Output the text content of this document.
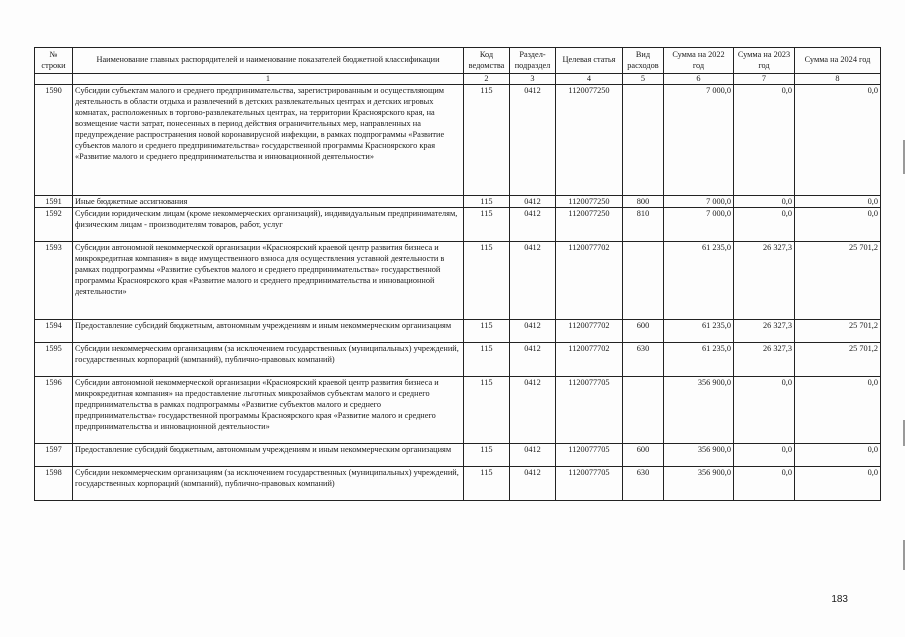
№ строки	Наименование главных распорядителей и наименование показателей бюджетной классификации	Код ведомства	Раздел-подраздел	Целевая статья	Вид расходов	Сумма на 2022 год	Сумма на 2023 год	Сумма на 2024 год
	1	2	3	4	5	6	7	8
1590	Субсидии субъектам малого и среднего предпринимательства, зарегистрированным и осуществляющим деятельность в области отдыха и развлечений в детских развлекательных центрах и детских игровых комнатах, расположенных в торгово-развлекательных центрах, на территории Красноярского края, на возмещение части затрат, понесенных в период действия ограничительных мер, направленных на предупреждение распространения новой коронавирусной инфекции, в рамках подпрограммы «Развитие субъектов малого и среднего предпринимательства» государственной программы Красноярского края «Развитие малого и среднего предпринимательства и инновационной деятельности»	115	0412	1120077250		7 000,0	0,0	0,0
1591	Иные бюджетные ассигнования	115	0412	1120077250	800	7 000,0	0,0	0,0
1592	Субсидии юридическим лицам (кроме некоммерческих организаций), индивидуальным предпринимателям, физическим лицам - производителям товаров, работ, услуг	115	0412	1120077250	810	7 000,0	0,0	0,0
1593	Субсидии автономной некоммерческой организации «Красноярский краевой центр развития бизнеса и микрокредитная компания» в виде имущественного взноса для осуществления уставной деятельности в рамках подпрограммы «Развитие субъектов малого и среднего предпринимательства» государственной программы Красноярского края «Развитие малого и среднего предпринимательства и инновационной деятельности»	115	0412	1120077702		61 235,0	26 327,3	25 701,2
1594	Предоставление субсидий бюджетным, автономным учреждениям и иным некоммерческим организациям	115	0412	1120077702	600	61 235,0	26 327,3	25 701,2
1595	Субсидии некоммерческим организациям (за исключением государственных (муниципальных) учреждений, государственных корпораций (компаний), публично-правовых компаний)	115	0412	1120077702	630	61 235,0	26 327,3	25 701,2
1596	Субсидии автономной некоммерческой организации «Красноярский краевой центр развития бизнеса и микрокредитная компания» на предоставление льготных микрозаймов субъектам малого и среднего предпринимательства в рамках подпрограммы «Развитие субъектов малого и среднего предпринимательства» государственной программы Красноярского края «Развитие малого и среднего предпринимательства и инновационной деятельности»	115	0412	1120077705		356 900,0	0,0	0,0
1597	Предоставление субсидий бюджетным, автономным учреждениям и иным некоммерческим организациям	115	0412	1120077705	600	356 900,0	0,0	0,0
1598	Субсидии некоммерческим организациям (за исключением государственных (муниципальных) учреждений, государственных корпораций (компаний), публично-правовых компаний)	115	0412	1120077705	630	356 900,0	0,0	0,0
183
